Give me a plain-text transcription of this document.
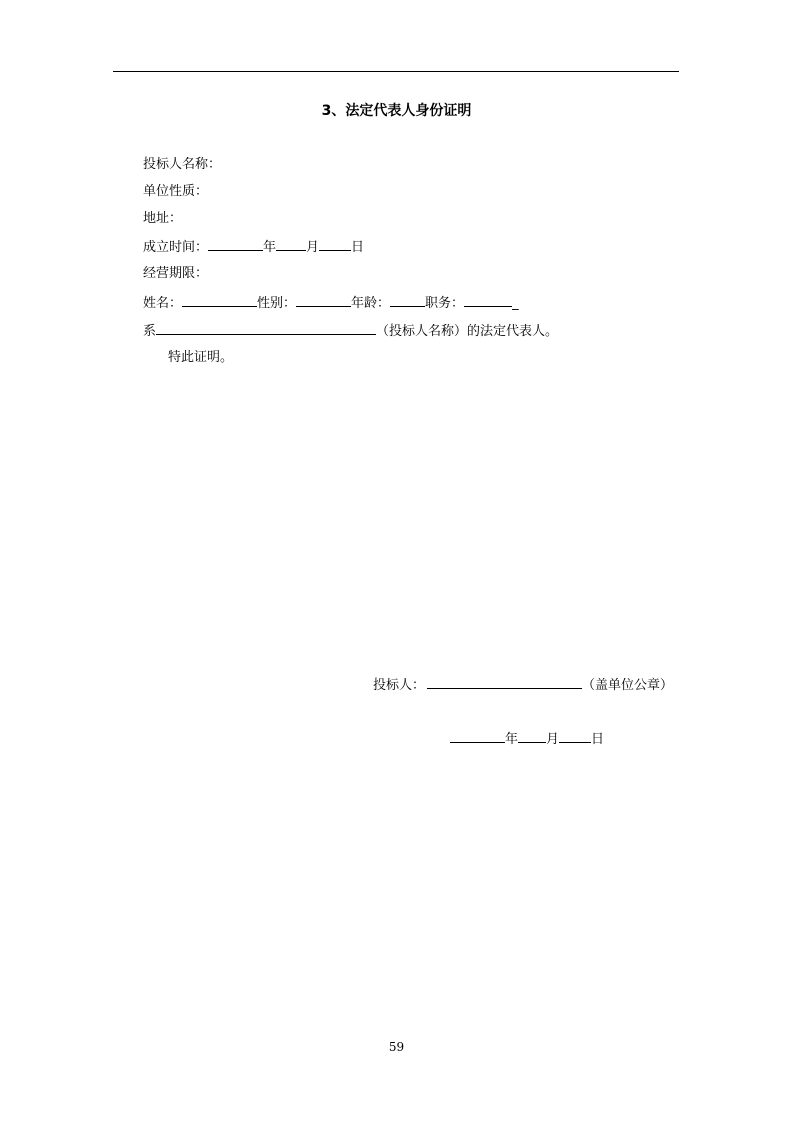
3、法定代表人身份证明
投标人名称：
单位性质：
地址：
成立时间：	年 月 日
经营期限：
姓名：	性别：	年龄：	职务：	_
系	（投标人名称）的法定代表人。
特此证明。
投标人：	（盖单位公章）
年 月 日
59
